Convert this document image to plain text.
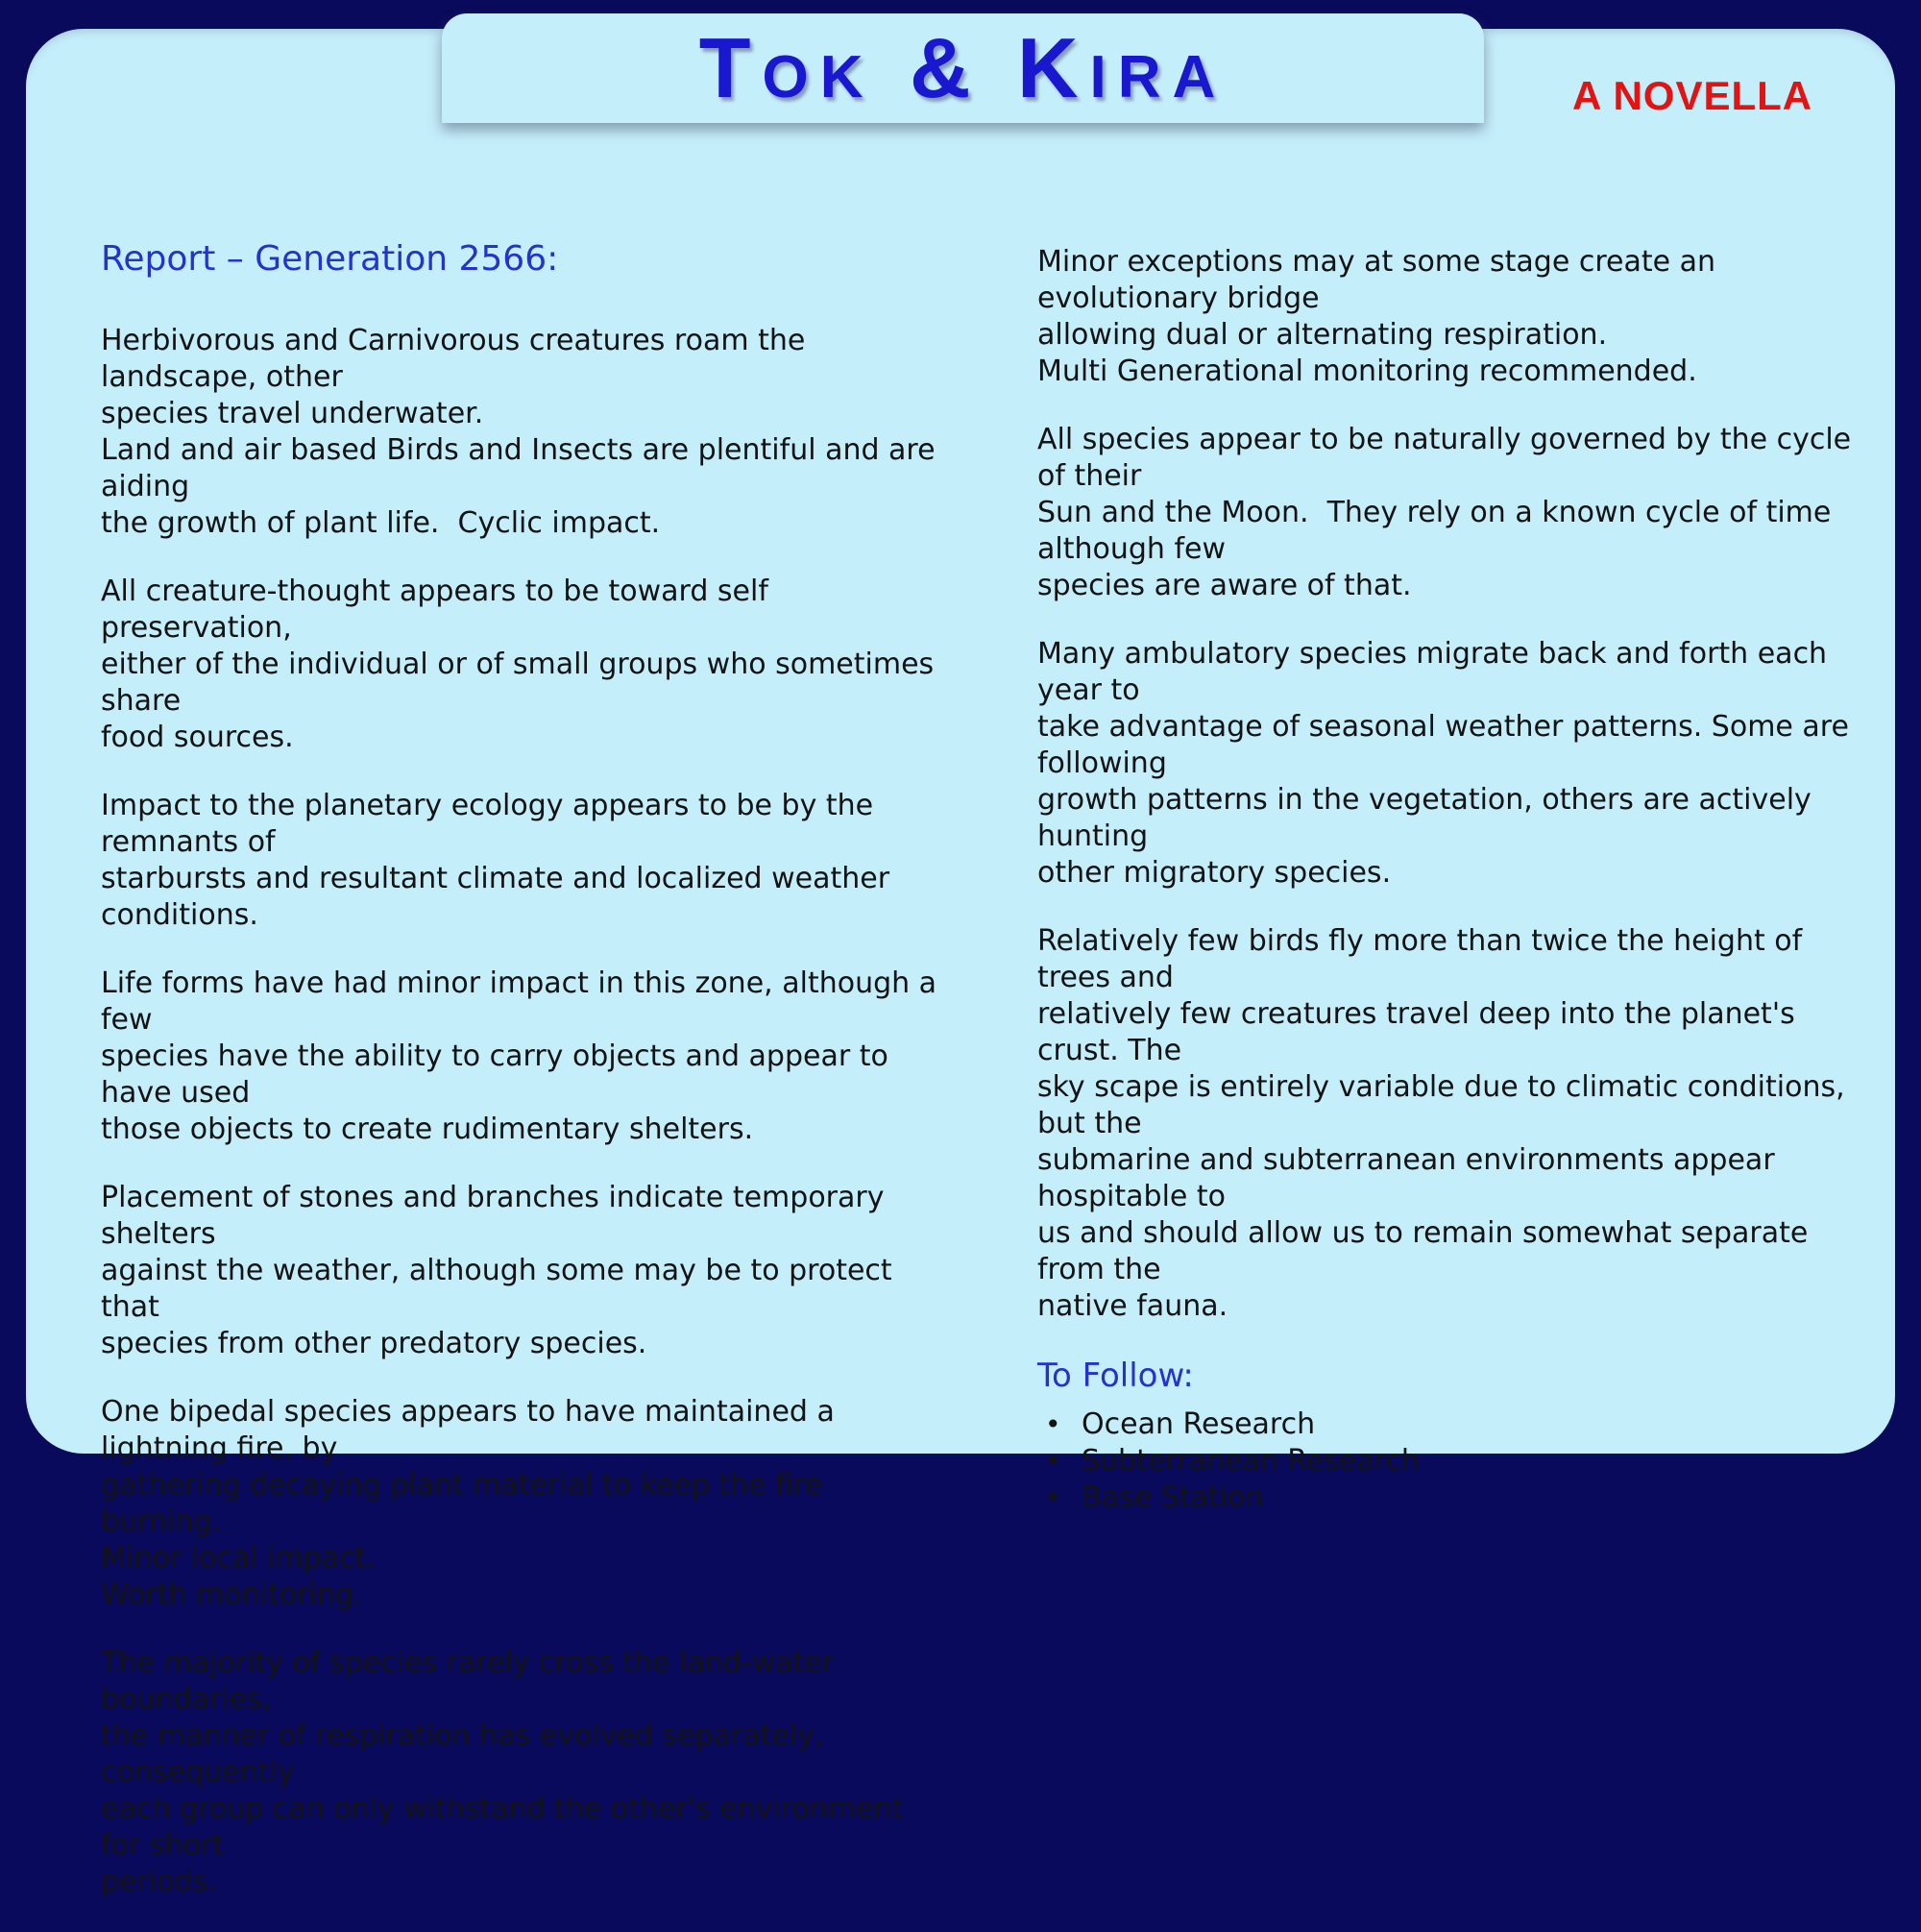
Tok & Kira	A NOVELLA
Report – Generation 2566:

Herbivorous and Carnivorous creatures roam the landscape, other
species travel underwater.
Land and air based Birds and Insects are plentiful and are aiding
the growth of plant life.  Cyclic impact.

All creature-thought appears to be toward self preservation,
either of the individual or of small groups who sometimes share
food sources.

Impact to the planetary ecology appears to be by the remnants of
starbursts and resultant climate and localized weather
conditions.

Life forms have had minor impact in this zone, although a few
species have the ability to carry objects and appear to have used
those objects to create rudimentary shelters.

Placement of stones and branches indicate temporary shelters
against the weather, although some may be to protect that
species from other predatory species.

One bipedal species appears to have maintained a lightning fire, by
gathering decaying plant material to keep the fire burning.
Minor local impact.
Worth monitoring.

The majority of species rarely cross the land-water boundaries,
the manner of respiration has evolved separately, consequently
each group can only withstand the other's environment for short
periods.

Minor exceptions may at some stage create an evolutionary bridge
allowing dual or alternating respiration.
Multi Generational monitoring recommended.

All species appear to be naturally governed by the cycle of their
Sun and the Moon.  They rely on a known cycle of time although few
species are aware of that.

Many ambulatory species migrate back and forth each year to
take advantage of seasonal weather patterns. Some are following
growth patterns in the vegetation, others are actively hunting
other migratory species.

Relatively few birds fly more than twice the height of trees and
relatively few creatures travel deep into the planet's crust. The
sky scape is entirely variable due to climatic conditions, but the
submarine and subterranean environments appear hospitable to
us and should allow us to remain somewhat separate from the
native fauna.

To Follow:
• Ocean Research
• Subterranean Research
• Base Station
